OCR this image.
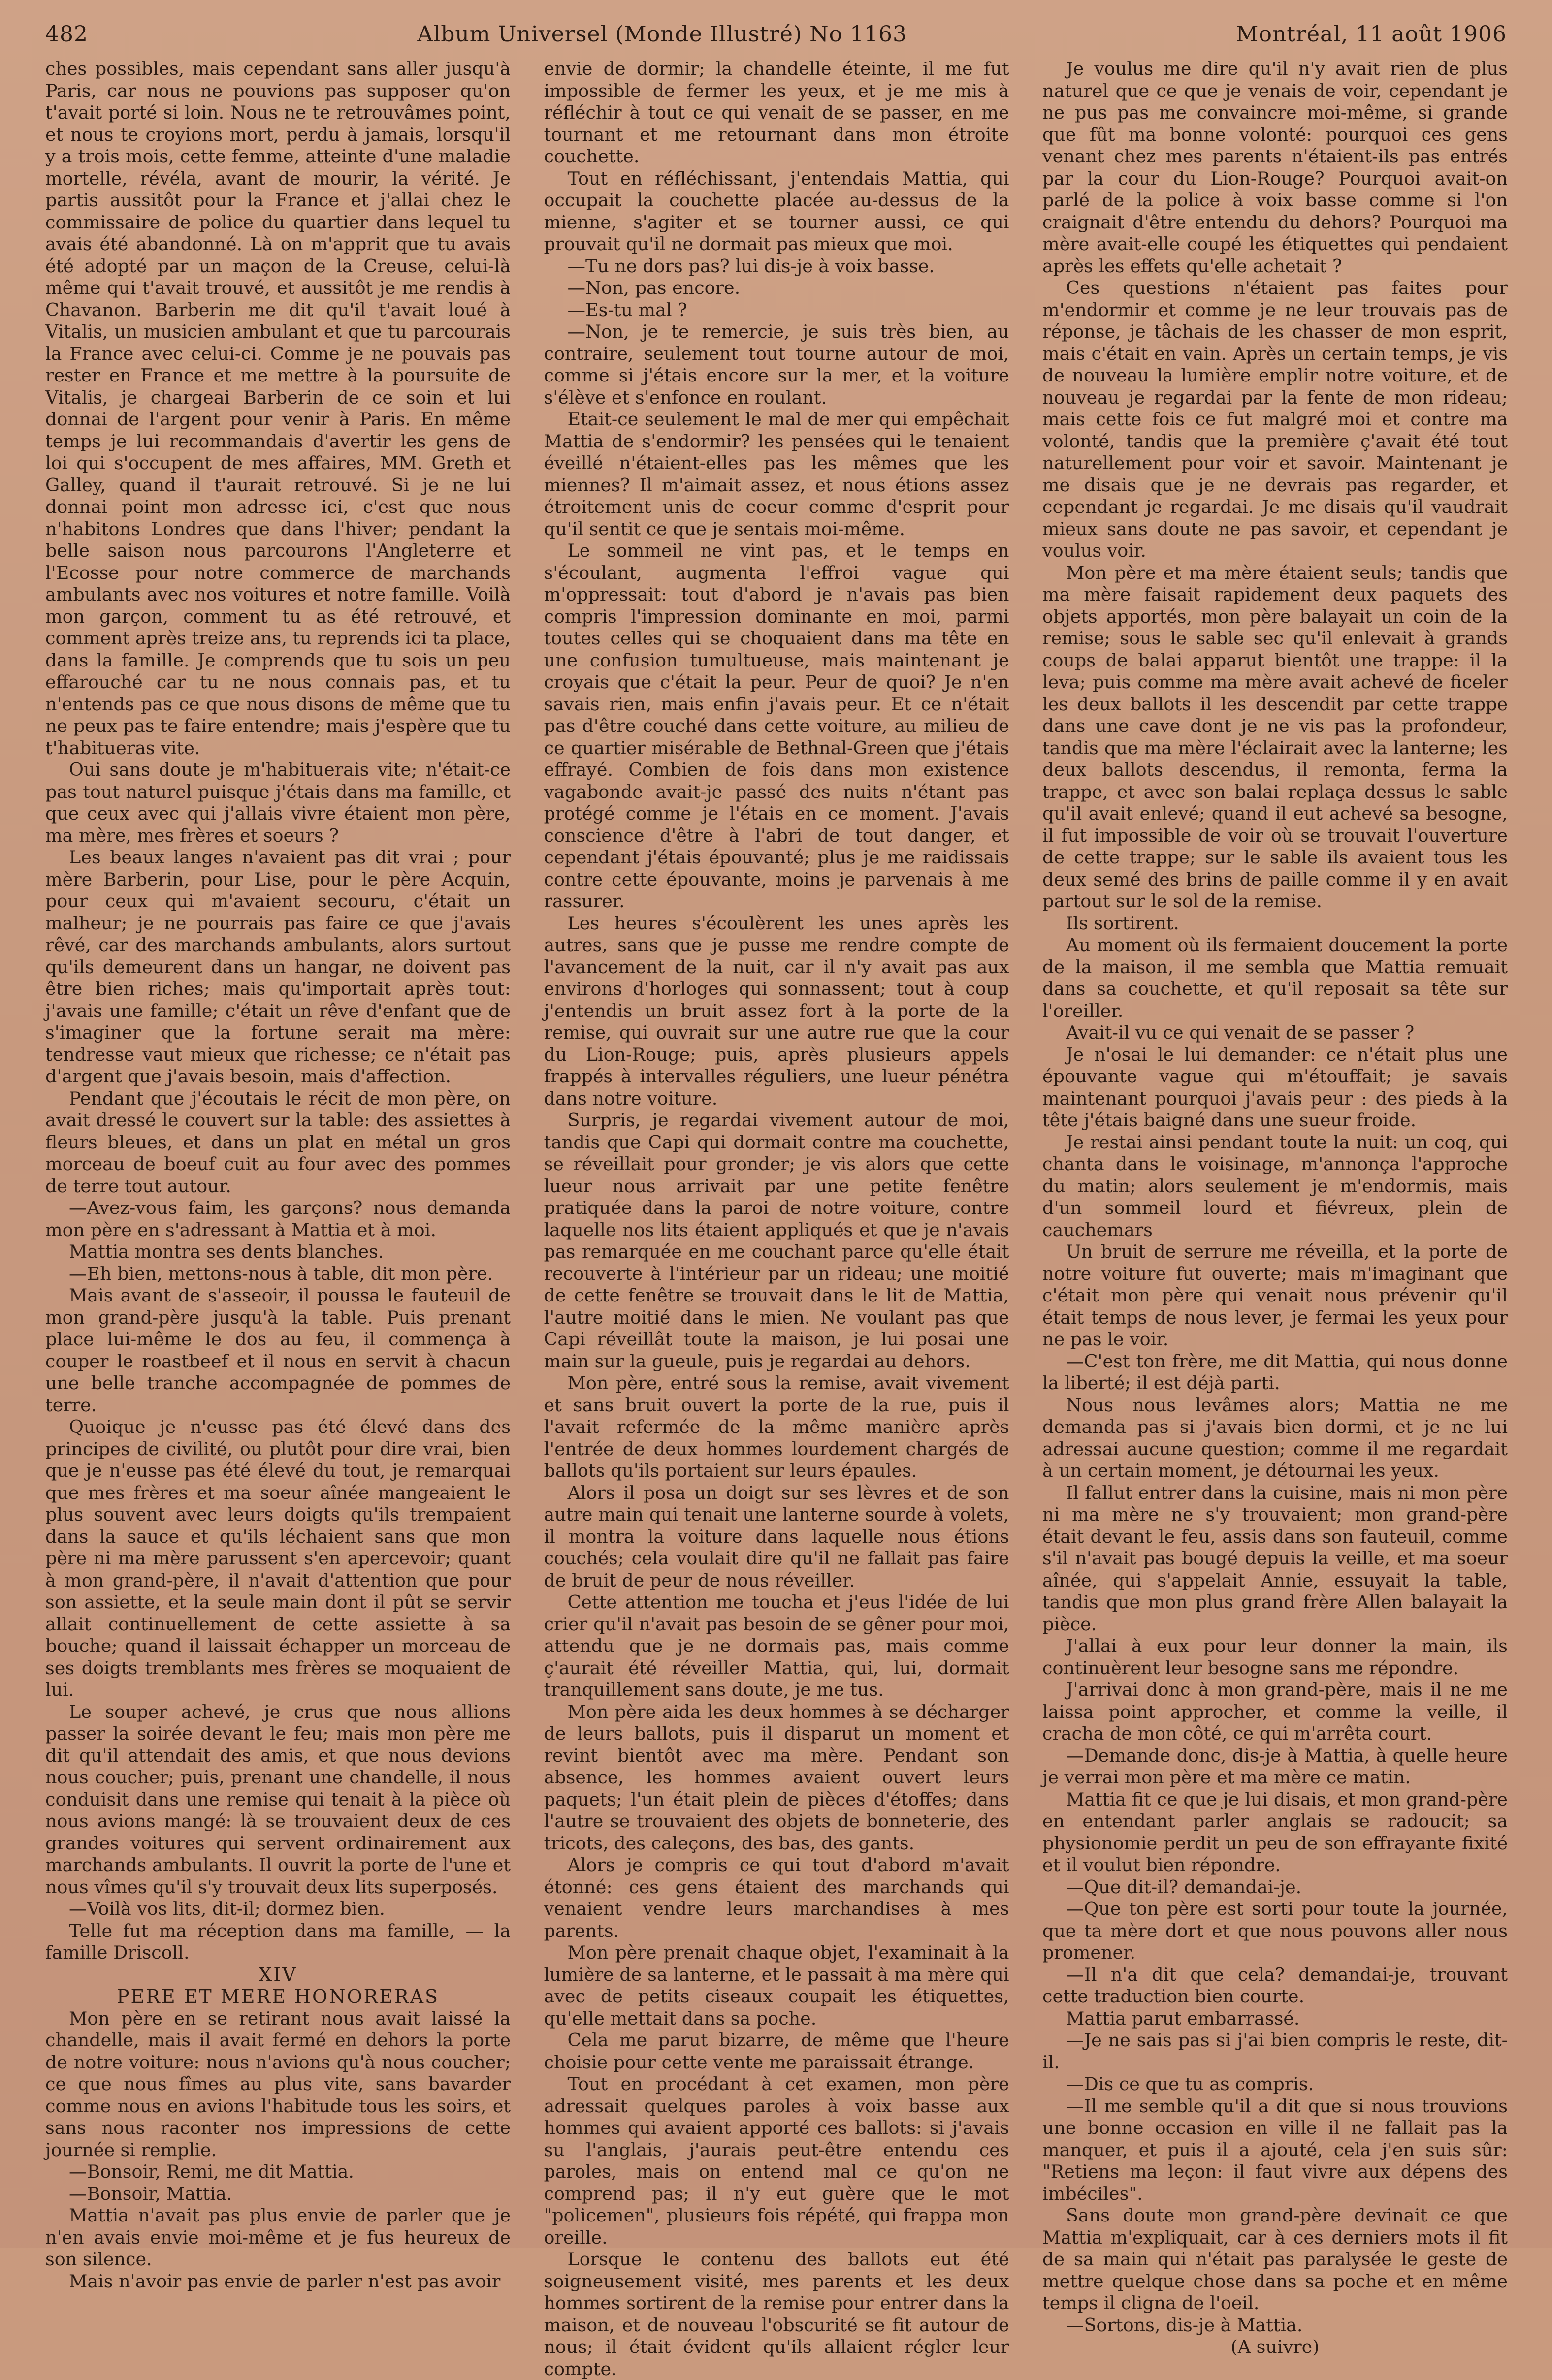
482	Album Universel (Monde Illustré) No 1163	Montréal, 11 août 1906

ches possibles, mais cependant sans aller jusqu'à Paris, car nous ne pouvions pas supposer qu'on t'avait porté si loin. Nous ne te retrouvâmes point, et nous te croyions mort, perdu à jamais, lorsqu'il y a trois mois, cette femme, atteinte d'une maladie mortelle, révéla, avant de mourir, la vérité. Je partis aussitôt pour la France et j'allai chez le commissaire de police du quartier dans lequel tu avais été abandonné. Là on m'apprit que tu avais été adopté par un maçon de la Creuse, celui-là même qui t'avait trouvé, et aussitôt je me rendis à Chavanon. Barberin me dit qu'il t'avait loué à Vitalis, un musicien ambulant et que tu parcourais la France avec celui-ci. Comme je ne pouvais pas rester en France et me mettre à la poursuite de Vitalis, je chargeai Barberin de ce soin et lui donnai de l'argent pour venir à Paris. En même temps je lui recommandais d'avertir les gens de loi qui s'occupent de mes affaires, MM. Greth et Galley, quand il t'aurait retrouvé. Si je ne lui donnai point mon adresse ici, c'est que nous n'habitons Londres que dans l'hiver; pendant la belle saison nous parcourons l'Angleterre et l'Ecosse pour notre commerce de marchands ambulants avec nos voitures et notre famille. Voilà mon garçon, comment tu as été retrouvé, et comment après treize ans, tu reprends ici ta place, dans la famille. Je comprends que tu sois un peu effarouché car tu ne nous connais pas, et tu n'entends pas ce que nous disons de même que tu ne peux pas te faire entendre; mais j'espère que tu t'habitueras vite.

Oui sans doute je m'habituerais vite; n'était-ce pas tout naturel puisque j'étais dans ma famille, et que ceux avec qui j'allais vivre étaient mon père, ma mère, mes frères et soeurs ?

Les beaux langes n'avaient pas dit vrai ; pour mère Barberin, pour Lise, pour le père Acquin, pour ceux qui m'avaient secouru, c'était un malheur; je ne pourrais pas faire ce que j'avais rêvé, car des marchands ambulants, alors surtout qu'ils demeurent dans un hangar, ne doivent pas être bien riches; mais qu'importait après tout: j'avais une famille; c'était un rêve d'enfant que de s'imaginer que la fortune serait ma mère: tendresse vaut mieux que richesse; ce n'était pas d'argent que j'avais besoin, mais d'affection.

Pendant que j'écoutais le récit de mon père, on avait dressé le couvert sur la table: des assiettes à fleurs bleues, et dans un plat en métal un gros morceau de boeuf cuit au four avec des pommes de terre tout autour.

—Avez-vous faim, les garçons? nous demanda mon père en s'adressant à Mattia et à moi.

Mattia montra ses dents blanches.

—Eh bien, mettons-nous à table, dit mon père.

Mais avant de s'asseoir, il poussa le fauteuil de mon grand-père jusqu'à la table. Puis prenant place lui-même le dos au feu, il commença à couper le roastbeef et il nous en servit à chacun une belle tranche accompagnée de pommes de terre.

Quoique je n'eusse pas été élevé dans des principes de civilité, ou plutôt pour dire vrai, bien que je n'eusse pas été élevé du tout, je remarquai que mes frères et ma soeur aînée mangeaient le plus souvent avec leurs doigts qu'ils trempaient dans la sauce et qu'ils léchaient sans que mon père ni ma mère parussent s'en apercevoir; quant à mon grand-père, il n'avait d'attention que pour son assiette, et la seule main dont il pût se servir allait continuellement de cette assiette à sa bouche; quand il laissait échapper un morceau de ses doigts tremblants mes frères se moquaient de lui.

Le souper achevé, je crus que nous allions passer la soirée devant le feu; mais mon père me dit qu'il attendait des amis, et que nous devions nous coucher; puis, prenant une chandelle, il nous conduisit dans une remise qui tenait à la pièce où nous avions mangé: là se trouvaient deux de ces grandes voitures qui servent ordinairement aux marchands ambulants. Il ouvrit la porte de l'une et nous vîmes qu'il s'y trouvait deux lits superposés.

—Voilà vos lits, dit-il; dormez bien.

Telle fut ma réception dans ma famille, — la famille Driscoll.

XIV

PERE ET MERE HONORERAS

Mon père en se retirant nous avait laissé la chandelle, mais il avait fermé en dehors la porte de notre voiture: nous n'avions qu'à nous coucher; ce que nous fîmes au plus vite, sans bavarder comme nous en avions l'habitude tous les soirs, et sans nous raconter nos impressions de cette journée si remplie.

—Bonsoir, Remi, me dit Mattia.

—Bonsoir, Mattia.

Mattia n'avait pas plus envie de parler que je n'en avais envie moi-même et je fus heureux de son silence.

Mais n'avoir pas envie de parler n'est pas avoir

envie de dormir; la chandelle éteinte, il me fut impossible de fermer les yeux, et je me mis à réfléchir à tout ce qui venait de se passer, en me tournant et me retournant dans mon étroite couchette.

Tout en réfléchissant, j'entendais Mattia, qui occupait la couchette placée au-dessus de la mienne, s'agiter et se tourner aussi, ce qui prouvait qu'il ne dormait pas mieux que moi.

—Tu ne dors pas? lui dis-je à voix basse.

—Non, pas encore.

—Es-tu mal ?

—Non, je te remercie, je suis très bien, au contraire, seulement tout tourne autour de moi, comme si j'étais encore sur la mer, et la voiture s'élève et s'enfonce en roulant.

Etait-ce seulement le mal de mer qui empêchait Mattia de s'endormir? les pensées qui le tenaient éveillé n'étaient-elles pas les mêmes que les miennes? Il m'aimait assez, et nous étions assez étroitement unis de coeur comme d'esprit pour qu'il sentit ce que je sentais moi-même.

Le sommeil ne vint pas, et le temps en s'écoulant, augmenta l'effroi vague qui m'oppressait: tout d'abord je n'avais pas bien compris l'impression dominante en moi, parmi toutes celles qui se choquaient dans ma tête en une confusion tumultueuse, mais maintenant je croyais que c'était la peur. Peur de quoi? Je n'en savais rien, mais enfin j'avais peur. Et ce n'était pas d'être couché dans cette voiture, au milieu de ce quartier misérable de Bethnal-Green que j'étais effrayé. Combien de fois dans mon existence vagabonde avait-je passé des nuits n'étant pas protégé comme je l'étais en ce moment. J'avais conscience d'être à l'abri de tout danger, et cependant j'étais épouvanté; plus je me raidissais contre cette épouvante, moins je parvenais à me rassurer.

Les heures s'écoulèrent les unes après les autres, sans que je pusse me rendre compte de l'avancement de la nuit, car il n'y avait pas aux environs d'horloges qui sonnassent; tout à coup j'entendis un bruit assez fort à la porte de la remise, qui ouvrait sur une autre rue que la cour du Lion-Rouge; puis, après plusieurs appels frappés à intervalles réguliers, une lueur pénétra dans notre voiture.

Surpris, je regardai vivement autour de moi, tandis que Capi qui dormait contre ma couchette, se réveillait pour gronder; je vis alors que cette lueur nous arrivait par une petite fenêtre pratiquée dans la paroi de notre voiture, contre laquelle nos lits étaient appliqués et que je n'avais pas remarquée en me couchant parce qu'elle était recouverte à l'intérieur par un rideau; une moitié de cette fenêtre se trouvait dans le lit de Mattia, l'autre moitié dans le mien. Ne voulant pas que Capi réveillât toute la maison, je lui posai une main sur la gueule, puis je regardai au dehors.

Mon père, entré sous la remise, avait vivement et sans bruit ouvert la porte de la rue, puis il l'avait refermée de la même manière après l'entrée de deux hommes lourdement chargés de ballots qu'ils portaient sur leurs épaules.

Alors il posa un doigt sur ses lèvres et de son autre main qui tenait une lanterne sourde à volets, il montra la voiture dans laquelle nous étions couchés; cela voulait dire qu'il ne fallait pas faire de bruit de peur de nous réveiller.

Cette attention me toucha et j'eus l'idée de lui crier qu'il n'avait pas besoin de se gêner pour moi, attendu que je ne dormais pas, mais comme ç'aurait été réveiller Mattia, qui, lui, dormait tranquillement sans doute, je me tus.

Mon père aida les deux hommes à se décharger de leurs ballots, puis il disparut un moment et revint bientôt avec ma mère. Pendant son absence, les hommes avaient ouvert leurs paquets; l'un était plein de pièces d'étoffes; dans l'autre se trouvaient des objets de bonneterie, des tricots, des caleçons, des bas, des gants.

Alors je compris ce qui tout d'abord m'avait étonné: ces gens étaient des marchands qui venaient vendre leurs marchandises à mes parents.

Mon père prenait chaque objet, l'examinait à la lumière de sa lanterne, et le passait à ma mère qui avec de petits ciseaux coupait les étiquettes, qu'elle mettait dans sa poche.

Cela me parut bizarre, de même que l'heure choisie pour cette vente me paraissait étrange.

Tout en procédant à cet examen, mon père adressait quelques paroles à voix basse aux hommes qui avaient apporté ces ballots: si j'avais su l'anglais, j'aurais peut-être entendu ces paroles, mais on entend mal ce qu'on ne comprend pas; il n'y eut guère que le mot "policemen", plusieurs fois répété, qui frappa mon oreille.

Lorsque le contenu des ballots eut été soigneusement visité, mes parents et les deux hommes sortirent de la remise pour entrer dans la maison, et de nouveau l'obscurité se fit autour de nous; il était évident qu'ils allaient régler leur compte.

Je voulus me dire qu'il n'y avait rien de plus naturel que ce que je venais de voir, cependant je ne pus pas me convaincre moi-même, si grande que fût ma bonne volonté: pourquoi ces gens venant chez mes parents n'étaient-ils pas entrés par la cour du Lion-Rouge? Pourquoi avait-on parlé de la police à voix basse comme si l'on craignait d'être entendu du dehors? Pourquoi ma mère avait-elle coupé les étiquettes qui pendaient après les effets qu'elle achetait ?

Ces questions n'étaient pas faites pour m'endormir et comme je ne leur trouvais pas de réponse, je tâchais de les chasser de mon esprit, mais c'était en vain. Après un certain temps, je vis de nouveau la lumière emplir notre voiture, et de nouveau je regardai par la fente de mon rideau; mais cette fois ce fut malgré moi et contre ma volonté, tandis que la première ç'avait été tout naturellement pour voir et savoir. Maintenant je me disais que je ne devrais pas regarder, et cependant je regardai. Je me disais qu'il vaudrait mieux sans doute ne pas savoir, et cependant je voulus voir.

Mon père et ma mère étaient seuls; tandis que ma mère faisait rapidement deux paquets des objets apportés, mon père balayait un coin de la remise; sous le sable sec qu'il enlevait à grands coups de balai apparut bientôt une trappe: il la leva; puis comme ma mère avait achevé de ficeler les deux ballots il les descendit par cette trappe dans une cave dont je ne vis pas la profondeur, tandis que ma mère l'éclairait avec la lanterne; les deux ballots descendus, il remonta, ferma la trappe, et avec son balai replaça dessus le sable qu'il avait enlevé; quand il eut achevé sa besogne, il fut impossible de voir où se trouvait l'ouverture de cette trappe; sur le sable ils avaient tous les deux semé des brins de paille comme il y en avait partout sur le sol de la remise.

Ils sortirent.

Au moment où ils fermaient doucement la porte de la maison, il me sembla que Mattia remuait dans sa couchette, et qu'il reposait sa tête sur l'oreiller.

Avait-il vu ce qui venait de se passer ?

Je n'osai le lui demander: ce n'était plus une épouvante vague qui m'étouffait; je savais maintenant pourquoi j'avais peur : des pieds à la tête j'étais baigné dans une sueur froide.

Je restai ainsi pendant toute la nuit: un coq, qui chanta dans le voisinage, m'annonça l'approche du matin; alors seulement je m'endormis, mais d'un sommeil lourd et fiévreux, plein de cauchemars

Un bruit de serrure me réveilla, et la porte de notre voiture fut ouverte; mais m'imaginant que c'était mon père qui venait nous prévenir qu'il était temps de nous lever, je fermai les yeux pour ne pas le voir.

—C'est ton frère, me dit Mattia, qui nous donne la liberté; il est déjà parti.

Nous nous levâmes alors; Mattia ne me demanda pas si j'avais bien dormi, et je ne lui adressai aucune question; comme il me regardait à un certain moment, je détournai les yeux.

Il fallut entrer dans la cuisine, mais ni mon père ni ma mère ne s'y trouvaient; mon grand-père était devant le feu, assis dans son fauteuil, comme s'il n'avait pas bougé depuis la veille, et ma soeur aînée, qui s'appelait Annie, essuyait la table, tandis que mon plus grand frère Allen balayait la pièce.

J'allai à eux pour leur donner la main, ils continuèrent leur besogne sans me répondre.

J'arrivai donc à mon grand-père, mais il ne me laissa point approcher, et comme la veille, il cracha de mon côté, ce qui m'arrêta court.

—Demande donc, dis-je à Mattia, à quelle heure je verrai mon père et ma mère ce matin.

Mattia fit ce que je lui disais, et mon grand-père en entendant parler anglais se radoucit; sa physionomie perdit un peu de son effrayante fixité et il voulut bien répondre.

—Que dit-il? demandai-je.

—Que ton père est sorti pour toute la journée, que ta mère dort et que nous pouvons aller nous promener.

—Il n'a dit que cela? demandai-je, trouvant cette traduction bien courte.

Mattia parut embarrassé.

—Je ne sais pas si j'ai bien compris le reste, dit-il.

—Dis ce que tu as compris.

—Il me semble qu'il a dit que si nous trouvions une bonne occasion en ville il ne fallait pas la manquer, et puis il a ajouté, cela j'en suis sûr: "Retiens ma leçon: il faut vivre aux dépens des imbéciles".

Sans doute mon grand-père devinait ce que Mattia m'expliquait, car à ces derniers mots il fit de sa main qui n'était pas paralysée le geste de mettre quelque chose dans sa poche et en même temps il cligna de l'oeil.

—Sortons, dis-je à Mattia.

(A suivre)
